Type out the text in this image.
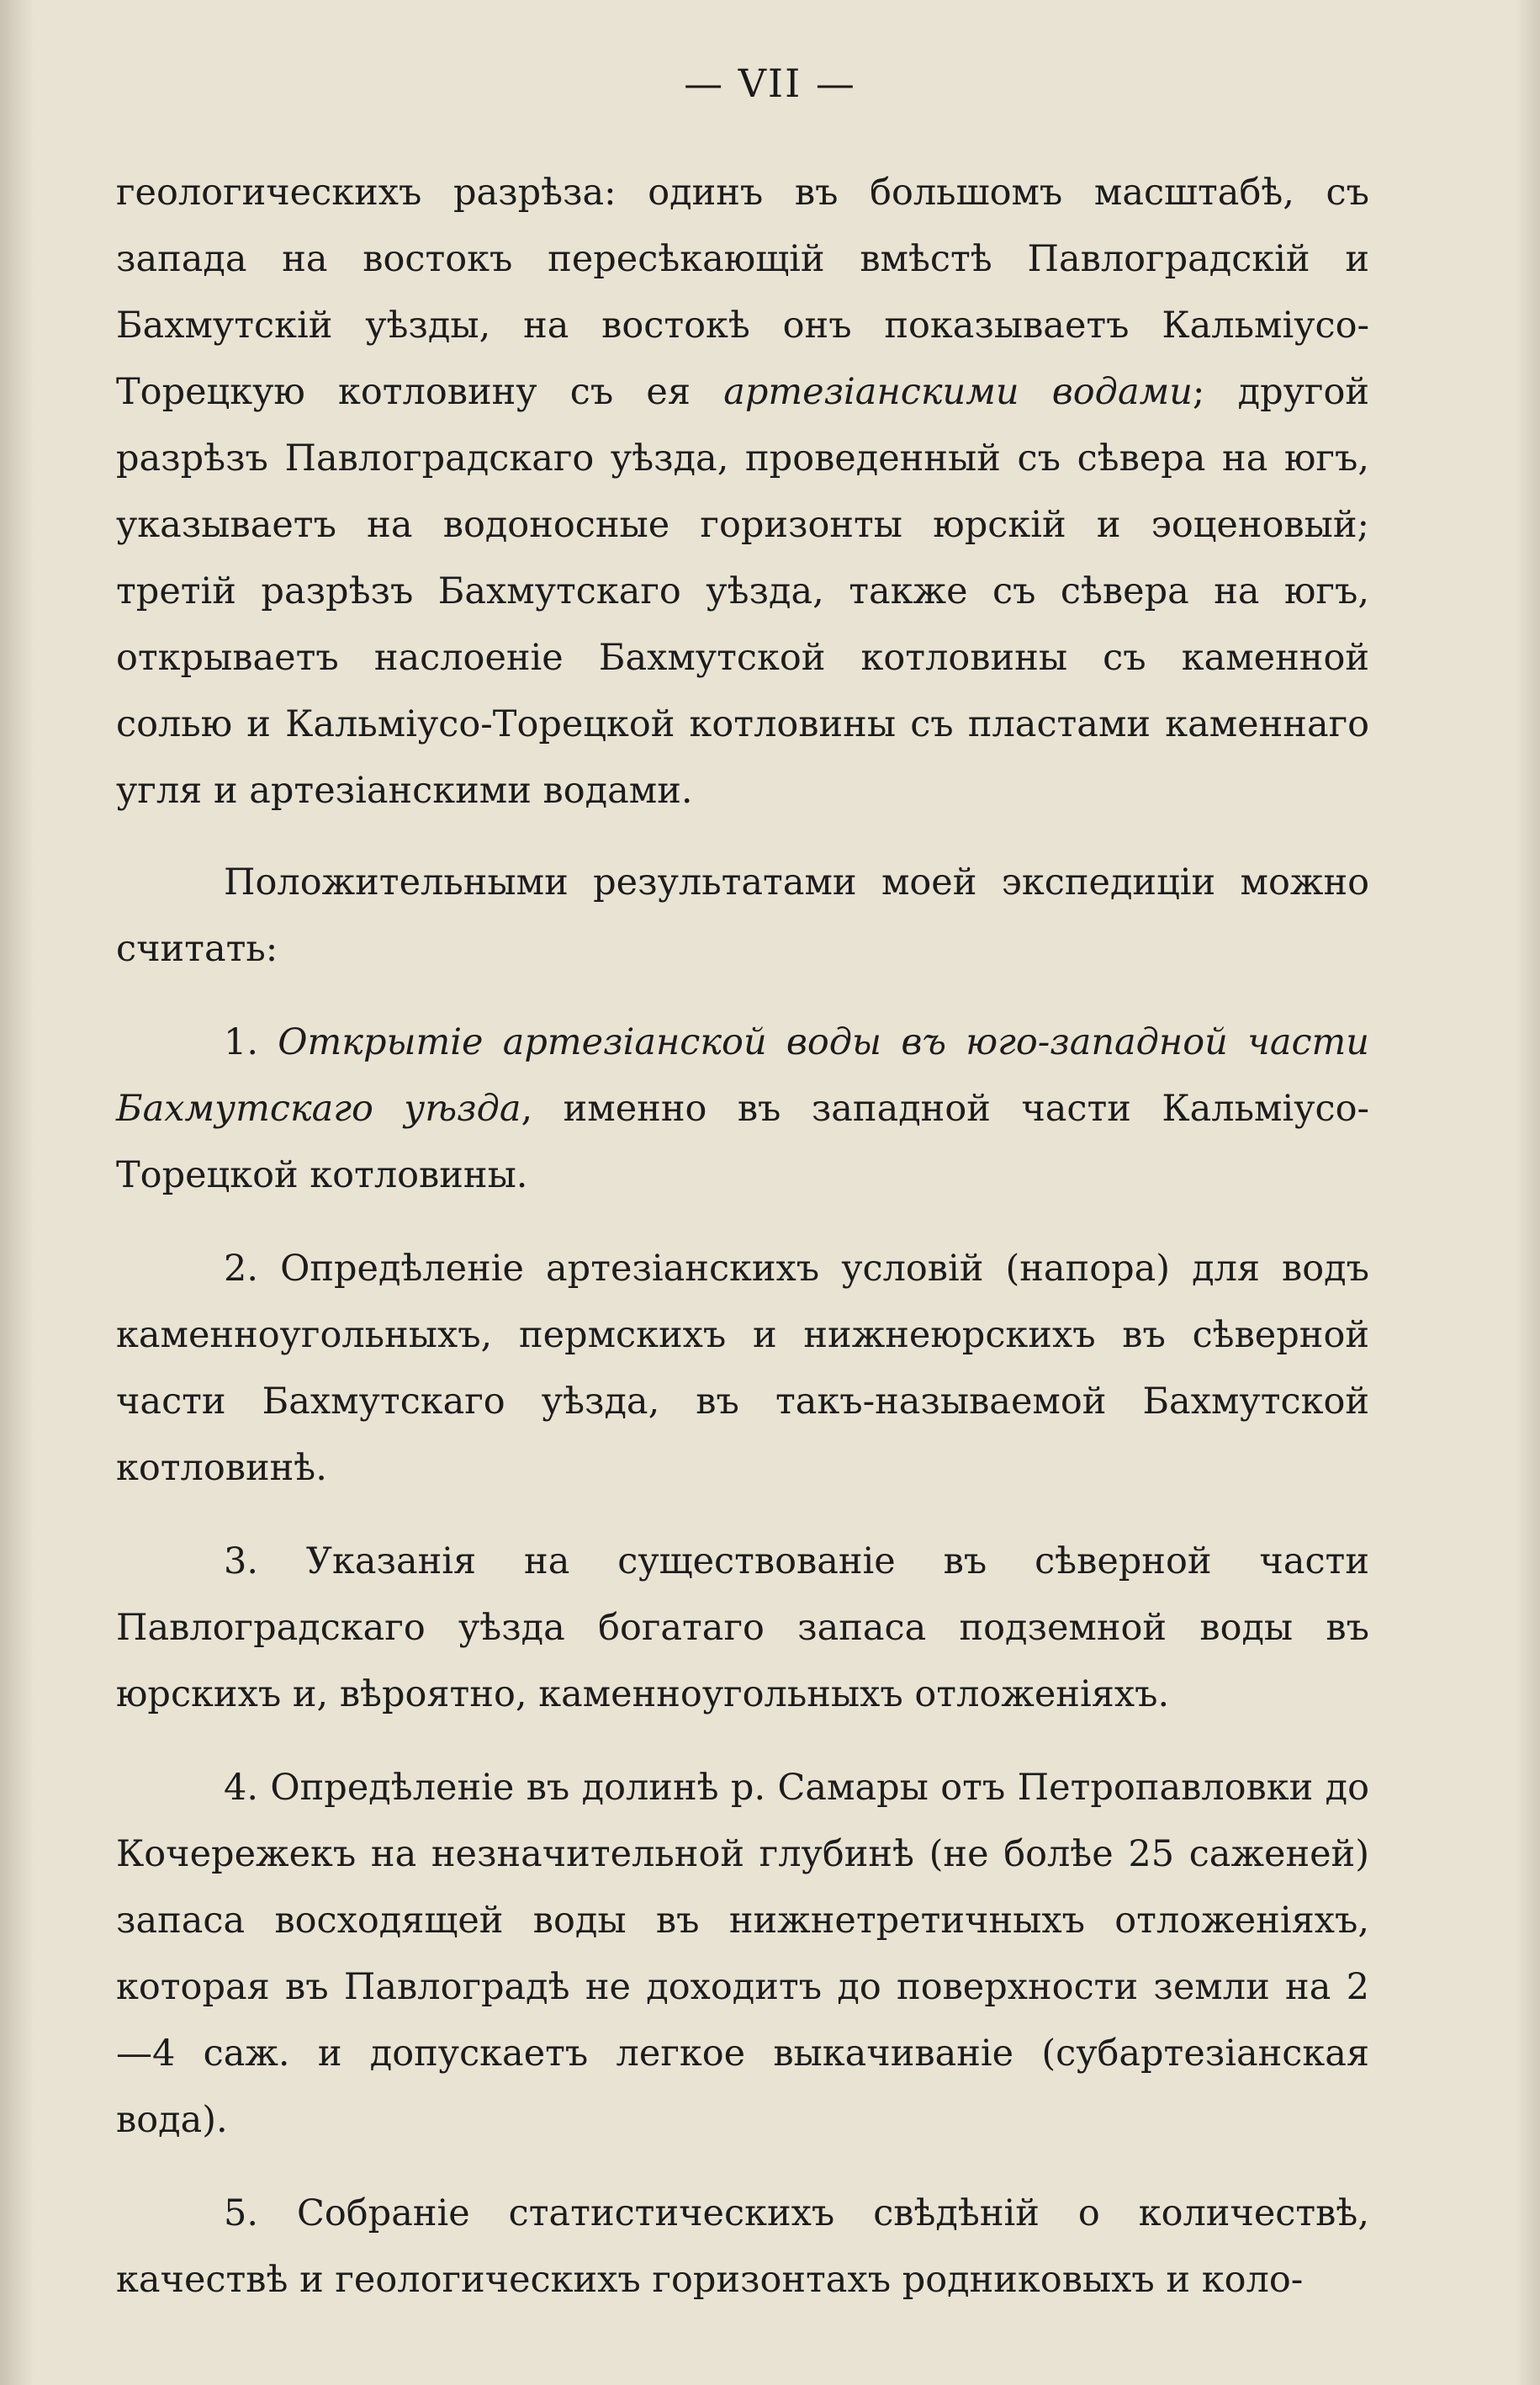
— VII —

геологическихъ разрѣза: одинъ въ большомъ масштабѣ, съ запада на востокъ пересѣкающій вмѣстѣ Павлоградскій и Бахмутскій уѣзды, на востокѣ онъ показываетъ Кальміусо-Торецкую котловину съ ея артезіанскими водами; другой разрѣзъ Павлоградскаго уѣзда, проведенный съ сѣвера на югъ, указываетъ на водоносные горизонты юрскій и эоценовый; третій разрѣзъ Бахмутскаго уѣзда, также съ сѣвера на югъ, открываетъ наслоеніе Бахмутской котловины съ каменной солью и Кальміусо-Торецкой котловины съ пластами каменнаго угля и артезіанскими водами.

Положительными результатами моей экспедиціи можно считать:

1. Открытіе артезіанской воды въ юго-западной части Бахмутскаго уѣзда, именно въ западной части Кальміусо-Торецкой котловины.

2. Опредѣленіе артезіанскихъ условій (напора) для водъ каменноугольныхъ, пермскихъ и нижнеюрскихъ въ сѣверной части Бахмутскаго уѣзда, въ такъ-называемой Бахмутской котловинѣ.

3. Указанія на существованіе въ сѣверной части Павлоградскаго уѣзда богатаго запаса подземной воды въ юрскихъ и, вѣроятно, каменноугольныхъ отложеніяхъ.

4. Опредѣленіе въ долинѣ р. Самары отъ Петропавловки до Кочережекъ на незначительной глубинѣ (не болѣе 25 саженей) запаса восходящей воды въ нижнетретичныхъ отложеніяхъ, которая въ Павлоградѣ не доходитъ до поверхности земли на 2—4 саж. и допускаетъ легкое выкачиваніе (субартезіанская вода).

5. Собраніе статистическихъ свѣдѣній о количествѣ, качествѣ и геологическихъ горизонтахъ родниковыхъ и коло-
